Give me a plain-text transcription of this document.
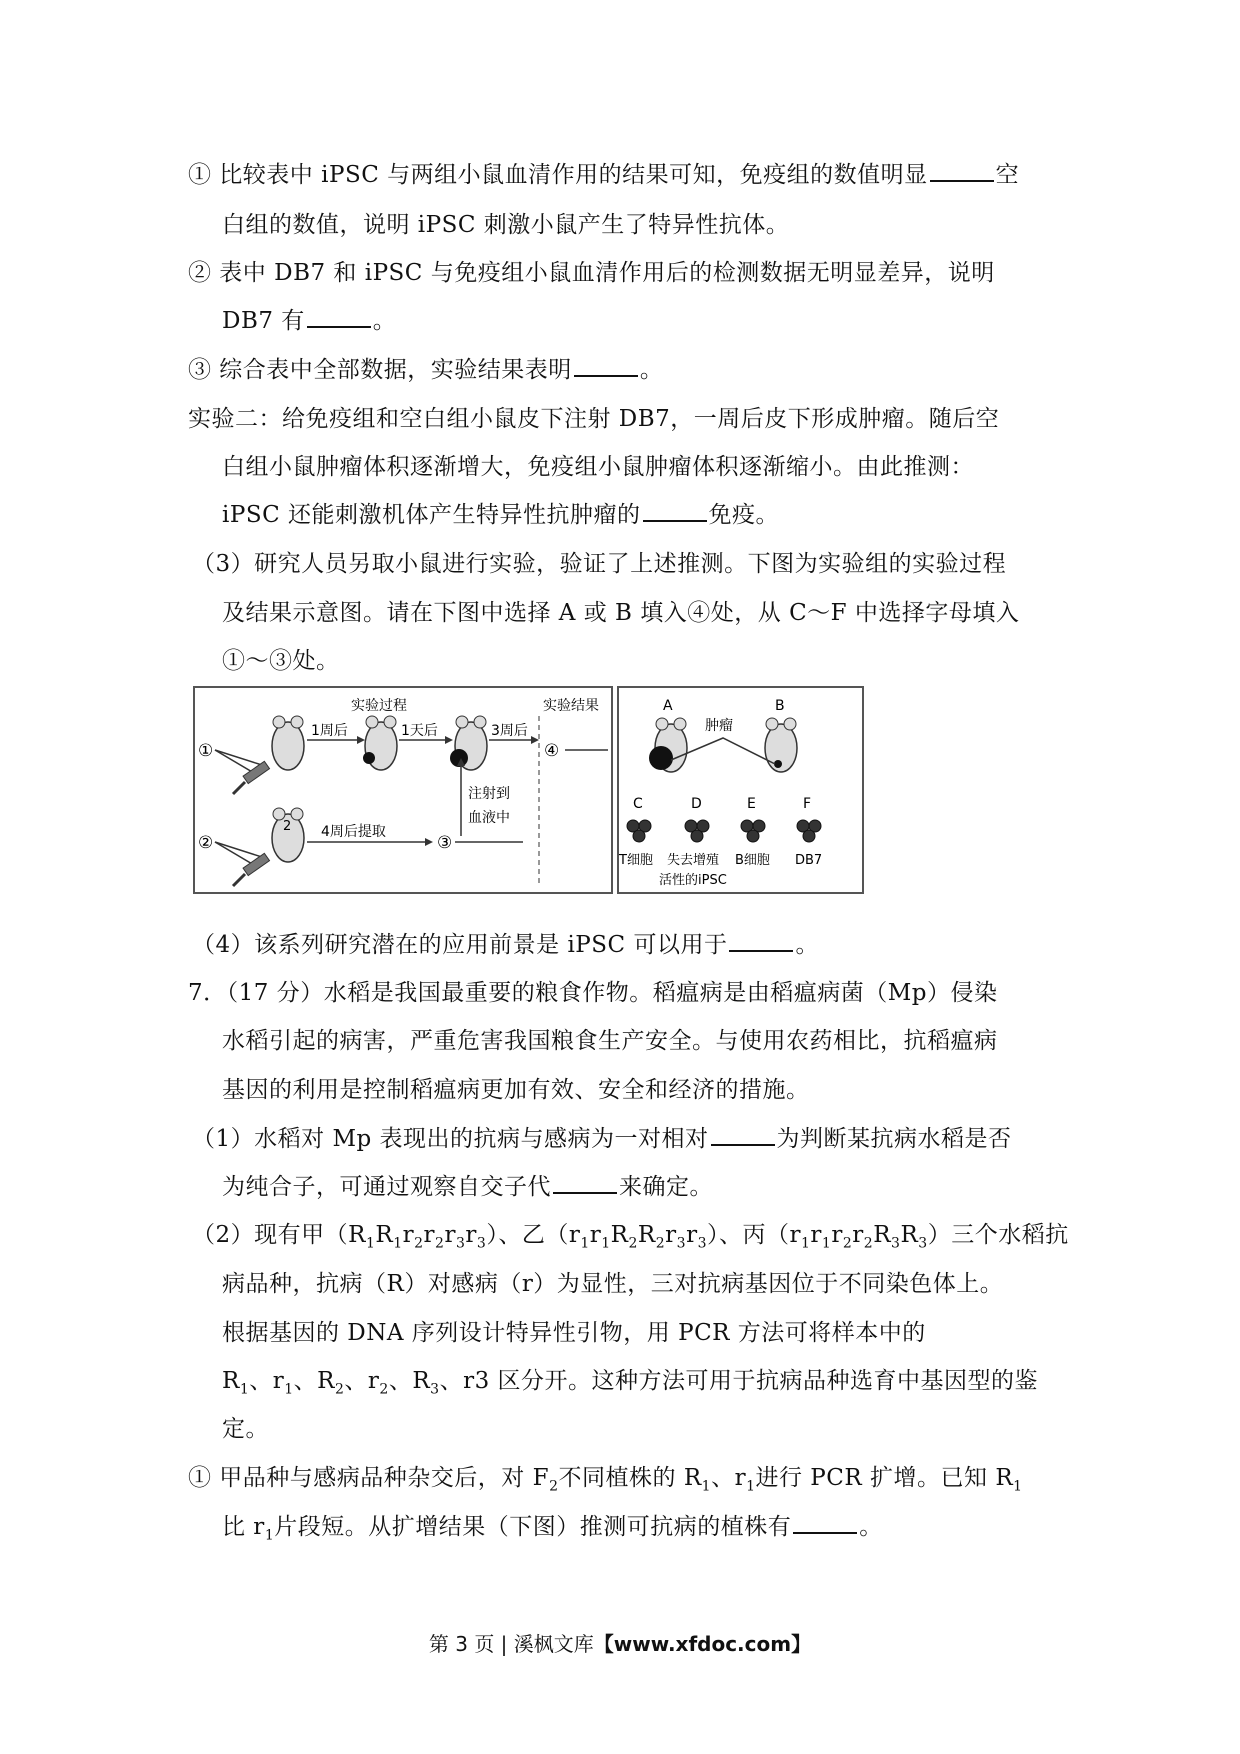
① 比较表中 iPSC 与两组小鼠血清作用的结果可知，免疫组的数值明显	空
白组的数值，说明 iPSC 刺激小鼠产生了特异性抗体。
② 表中 DB7 和 iPSC 与免疫组小鼠血清作用后的检测数据无明显差异，说明
DB7 有	。
③ 综合表中全部数据，实验结果表明	。
实验二：给免疫组和空白组小鼠皮下注射 DB7，一周后皮下形成肿瘤。随后空
白组小鼠肿瘤体积逐渐增大，免疫组小鼠肿瘤体积逐渐缩小。由此推测：
iPSC 还能刺激机体产生特异性抗肿瘤的	免疫。
（3）研究人员另取小鼠进行实验，验证了上述推测。下图为实验组的实验过程
及结果示意图。请在下图中选择 A 或 B 填入④处，从 C～F 中选择字母填入
①～③处。
实验过程	实验结果
①
②	③
④
1周后	1天后	3周后
2 4周后提取
注射到
血液中
A	B
肿瘤
C	D	E	F
T细胞 失去增殖
活性的iPSC
B细胞 DB7
（4）该系列研究潜在的应用前景是 iPSC 可以用于	。
7．（17 分）水稻是我国最重要的粮食作物。稻瘟病是由稻瘟病菌（Mp）侵染
水稻引起的病害，严重危害我国粮食生产安全。与使用农药相比，抗稻瘟病
基因的利用是控制稻瘟病更加有效、安全和经济的措施。
（1）水稻对 Mp 表现出的抗病与感病为一对相对	为判断某抗病水稻是否
为纯合子，可通过观察自交子代	来确定。
（2）现有甲$(R_1R_1r_2r_2r_3r_3)$、乙$(r_1r_1R_2R_2r_3r_3)$、丙$(r_1r_1r_2r_2R_3R_3)$三个水稻抗
病品种，抗病（R）对感病（r）为显性，三对抗病基因位于不同染色体上。
根据基因的 DNA 序列设计特异性引物，用 PCR 方法可将样本中的
$R_1$、$r_1$、$R_2$、$r_2$、$R_3$、r3 区分开。这种方法可用于抗病品种选育中基因型的鉴
定。
① 甲品种与感病品种杂交后，对 $F_2$不同植株的 $R_1$、$r_1$进行 PCR 扩增。已知 $R_1$
比 $r_1$片段短。从扩增结果（下图）推测可抗病的植株有	。
第 3 页 | 溪枫文库【www.xfdoc.com】
